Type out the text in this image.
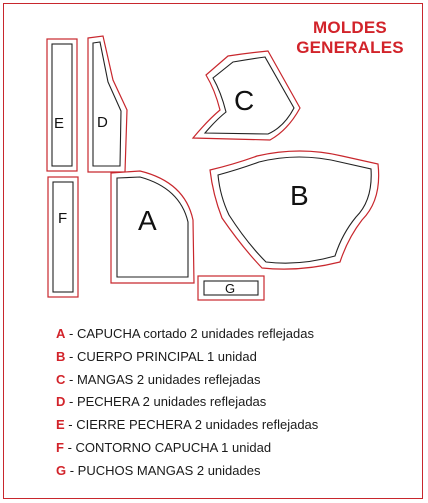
MOLDES
GENERALES
E D
F	A
C
B
G
A - CAPUCHA cortado 2 unidades reflejadas
B - CUERPO PRINCIPAL 1 unidad
C - MANGAS 2 unidades reflejadas
D - PECHERA 2 unidades reflejadas
E - CIERRE PECHERA 2 unidades reflejadas
F - CONTORNO CAPUCHA 1 unidad
G - PUCHOS MANGAS 2 unidades
